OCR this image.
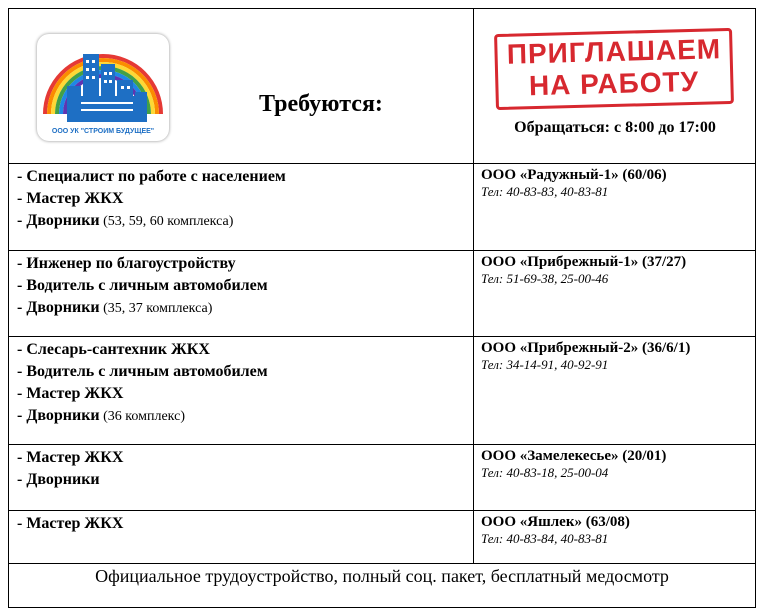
ООО УК "СТРОИМ БУДУЩЕЕ"
Требуются:
ПРИГЛАШАЕМ
НА РАБОТУ
Обращаться: с 8:00 до 17:00
- Специалист по работе с населением
- Мастер ЖКХ
- Дворники (53, 59, 60 комплекса)
ООО «Радужный-1» (60/06)
Тел: 40-83-83, 40-83-81
- Инженер по благоустройству
- Водитель с личным автомобилем
- Дворники (35, 37 комплекса)
ООО «Прибрежный-1» (37/27)
Тел: 51-69-38, 25-00-46
- Слесарь-сантехник ЖКХ
- Водитель с личным автомобилем
- Мастер ЖКХ
- Дворники (36 комплекс)
ООО «Прибрежный-2» (36/6/1)
Тел: 34-14-91, 40-92-91
- Мастер ЖКХ
- Дворники
ООО «Замелекесье» (20/01)
Тел: 40-83-18, 25-00-04
- Мастер ЖКХ	ООО «Яшлек» (63/08)
Тел: 40-83-84, 40-83-81
Официальное трудоустройство, полный соц. пакет, бесплатный медосмотр
